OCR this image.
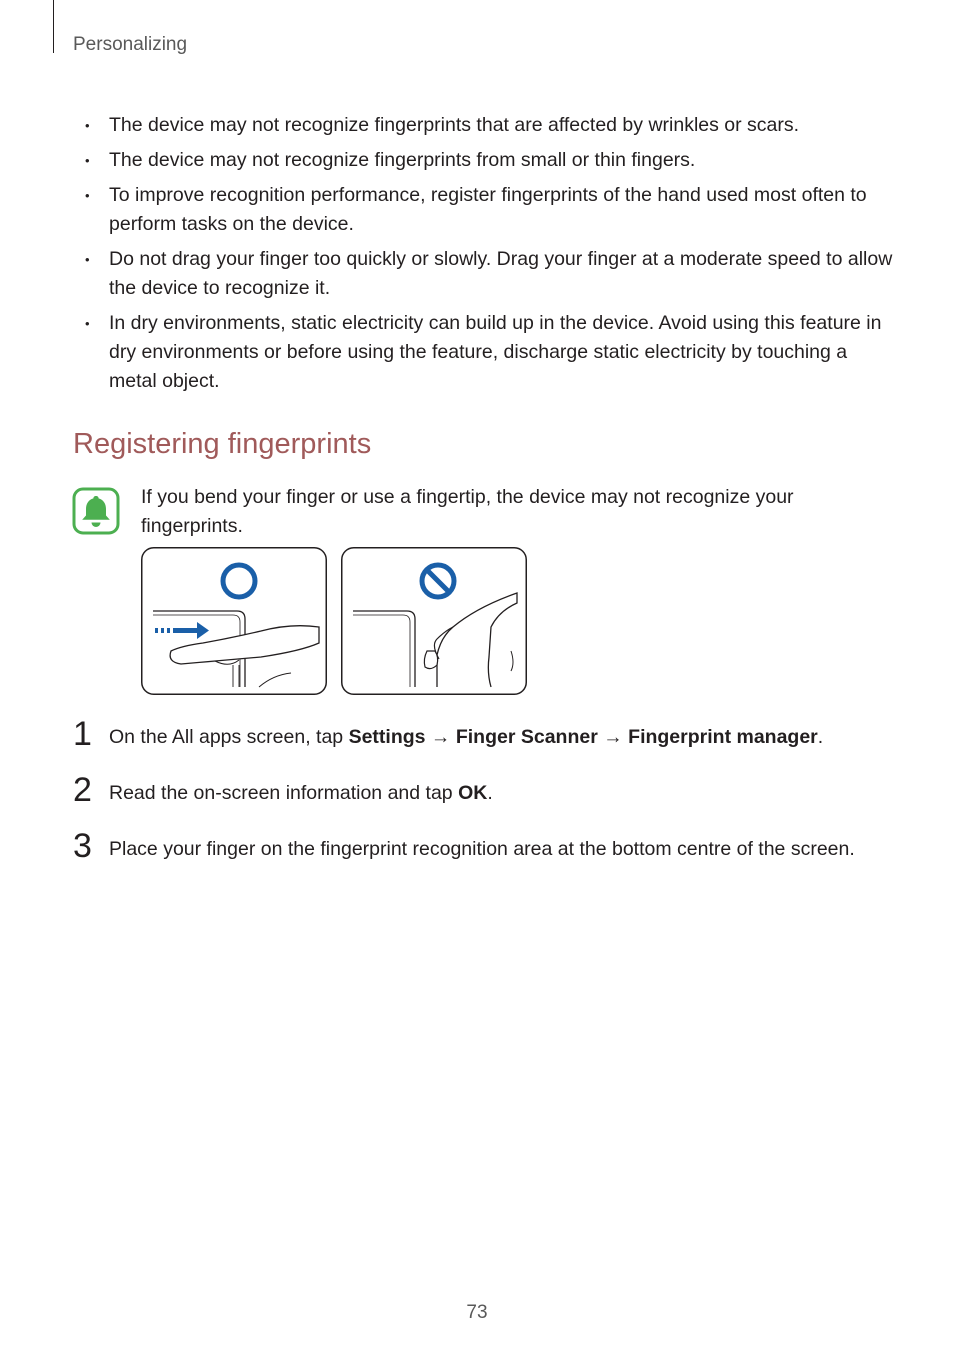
Personalizing
• The device may not recognize fingerprints that are affected by wrinkles or scars.
• The device may not recognize fingerprints from small or thin fingers.
• To improve recognition performance, register fingerprints of the hand used most often to perform tasks on the device.
• Do not drag your finger too quickly or slowly. Drag your finger at a moderate speed to allow the device to recognize it.
• In dry environments, static electricity can build up in the device. Avoid using this feature in dry environments or before using the feature, discharge static electricity by touching a metal object.
Registering fingerprints
If you bend your finger or use a fingertip, the device may not recognize your fingerprints.
1 On the All apps screen, tap Settings → Finger Scanner → Fingerprint manager.
2 Read the on-screen information and tap OK.
3 Place your finger on the fingerprint recognition area at the bottom centre of the screen.
73
